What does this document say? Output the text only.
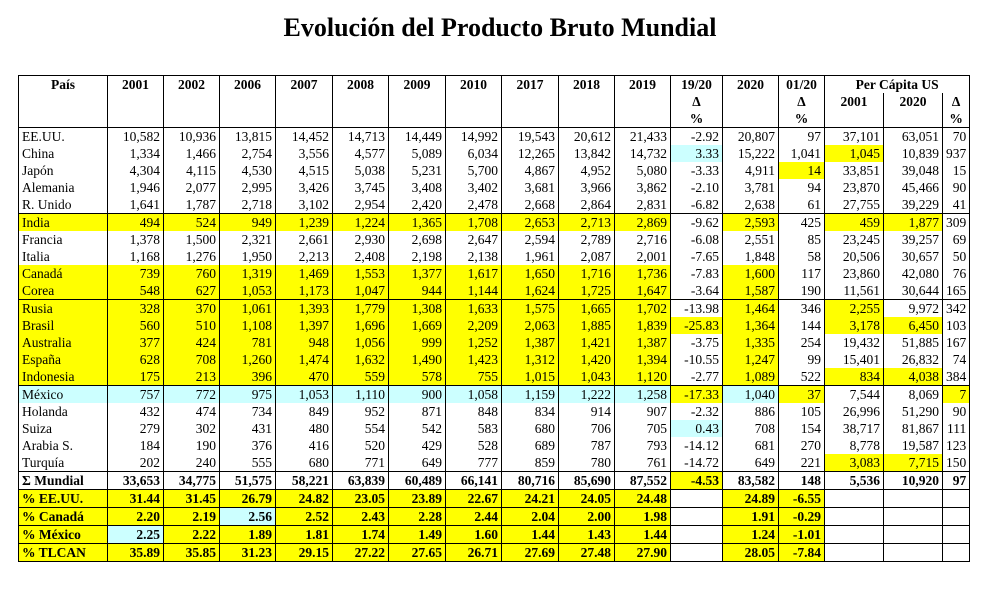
Evolución del Producto Bruto Mundial
País	2001	2002	2006	2007	2008	2009	2010	2017	2018	2019	19/20	2020	01/20	Per Cápita US		
											Δ		Δ	2001	2020	Δ
											%		%			%
EE.UU.	10,582	10,936	13,815	14,452	14,713	14,449	14,992	19,543	20,612	21,433	-2.92	20,807	97	37,101	63,051	70
China	1,334	1,466	2,754	3,556	4,577	5,089	6,034	12,265	13,842	14,732	3.33	15,222	1,041	1,045	10,839	937
Japón	4,304	4,115	4,530	4,515	5,038	5,231	5,700	4,867	4,952	5,080	-3.33	4,911	14	33,851	39,048	15
Alemania	1,946	2,077	2,995	3,426	3,745	3,408	3,402	3,681	3,966	3,862	-2.10	3,781	94	23,870	45,466	90
R. Unido	1,641	1,787	2,718	3,102	2,954	2,420	2,478	2,668	2,864	2,831	-6.82	2,638	61	27,755	39,229	41
India	494	524	949	1,239	1,224	1,365	1,708	2,653	2,713	2,869	-9.62	2,593	425	459	1,877	309
Francia	1,378	1,500	2,321	2,661	2,930	2,698	2,647	2,594	2,789	2,716	-6.08	2,551	85	23,245	39,257	69
Italia	1,168	1,276	1,950	2,213	2,408	2,198	2,138	1,961	2,087	2,001	-7.65	1,848	58	20,506	30,657	50
Canadá	739	760	1,319	1,469	1,553	1,377	1,617	1,650	1,716	1,736	-7.83	1,600	117	23,860	42,080	76
Corea	548	627	1,053	1,173	1,047	944	1,144	1,624	1,725	1,647	-3.64	1,587	190	11,561	30,644	165
Rusia	328	370	1,061	1,393	1,779	1,308	1,633	1,575	1,665	1,702	-13.98	1,464	346	2,255	9,972	342
Brasil	560	510	1,108	1,397	1,696	1,669	2,209	2,063	1,885	1,839	-25.83	1,364	144	3,178	6,450	103
Australia	377	424	781	948	1,056	999	1,252	1,387	1,421	1,387	-3.75	1,335	254	19,432	51,885	167
España	628	708	1,260	1,474	1,632	1,490	1,423	1,312	1,420	1,394	-10.55	1,247	99	15,401	26,832	74
Indonesia	175	213	396	470	559	578	755	1,015	1,043	1,120	-2.77	1,089	522	834	4,038	384
México	757	772	975	1,053	1,110	900	1,058	1,159	1,222	1,258	-17.33	1,040	37	7,544	8,069	7
Holanda	432	474	734	849	952	871	848	834	914	907	-2.32	886	105	26,996	51,290	90
Suiza	279	302	431	480	554	542	583	680	706	705	0.43	708	154	38,717	81,867	111
Arabia S.	184	190	376	416	520	429	528	689	787	793	-14.12	681	270	8,778	19,587	123
Turquía	202	240	555	680	771	649	777	859	780	761	-14.72	649	221	3,083	7,715	150
Σ Mundial	33,653	34,775	51,575	58,221	63,839	60,489	66,141	80,716	85,690	87,552	-4.53	83,582	148	5,536	10,920	97
% EE.UU.	31.44	31.45	26.79	24.82	23.05	23.89	22.67	24.21	24.05	24.48		24.89	-6.55			
% Canadá	2.20	2.19	2.56	2.52	2.43	2.28	2.44	2.04	2.00	1.98		1.91	-0.29			
% México	2.25	2.22	1.89	1.81	1.74	1.49	1.60	1.44	1.43	1.44		1.24	-1.01			
% TLCAN	35.89	35.85	31.23	29.15	27.22	27.65	26.71	27.69	27.48	27.90		28.05	-7.84			
